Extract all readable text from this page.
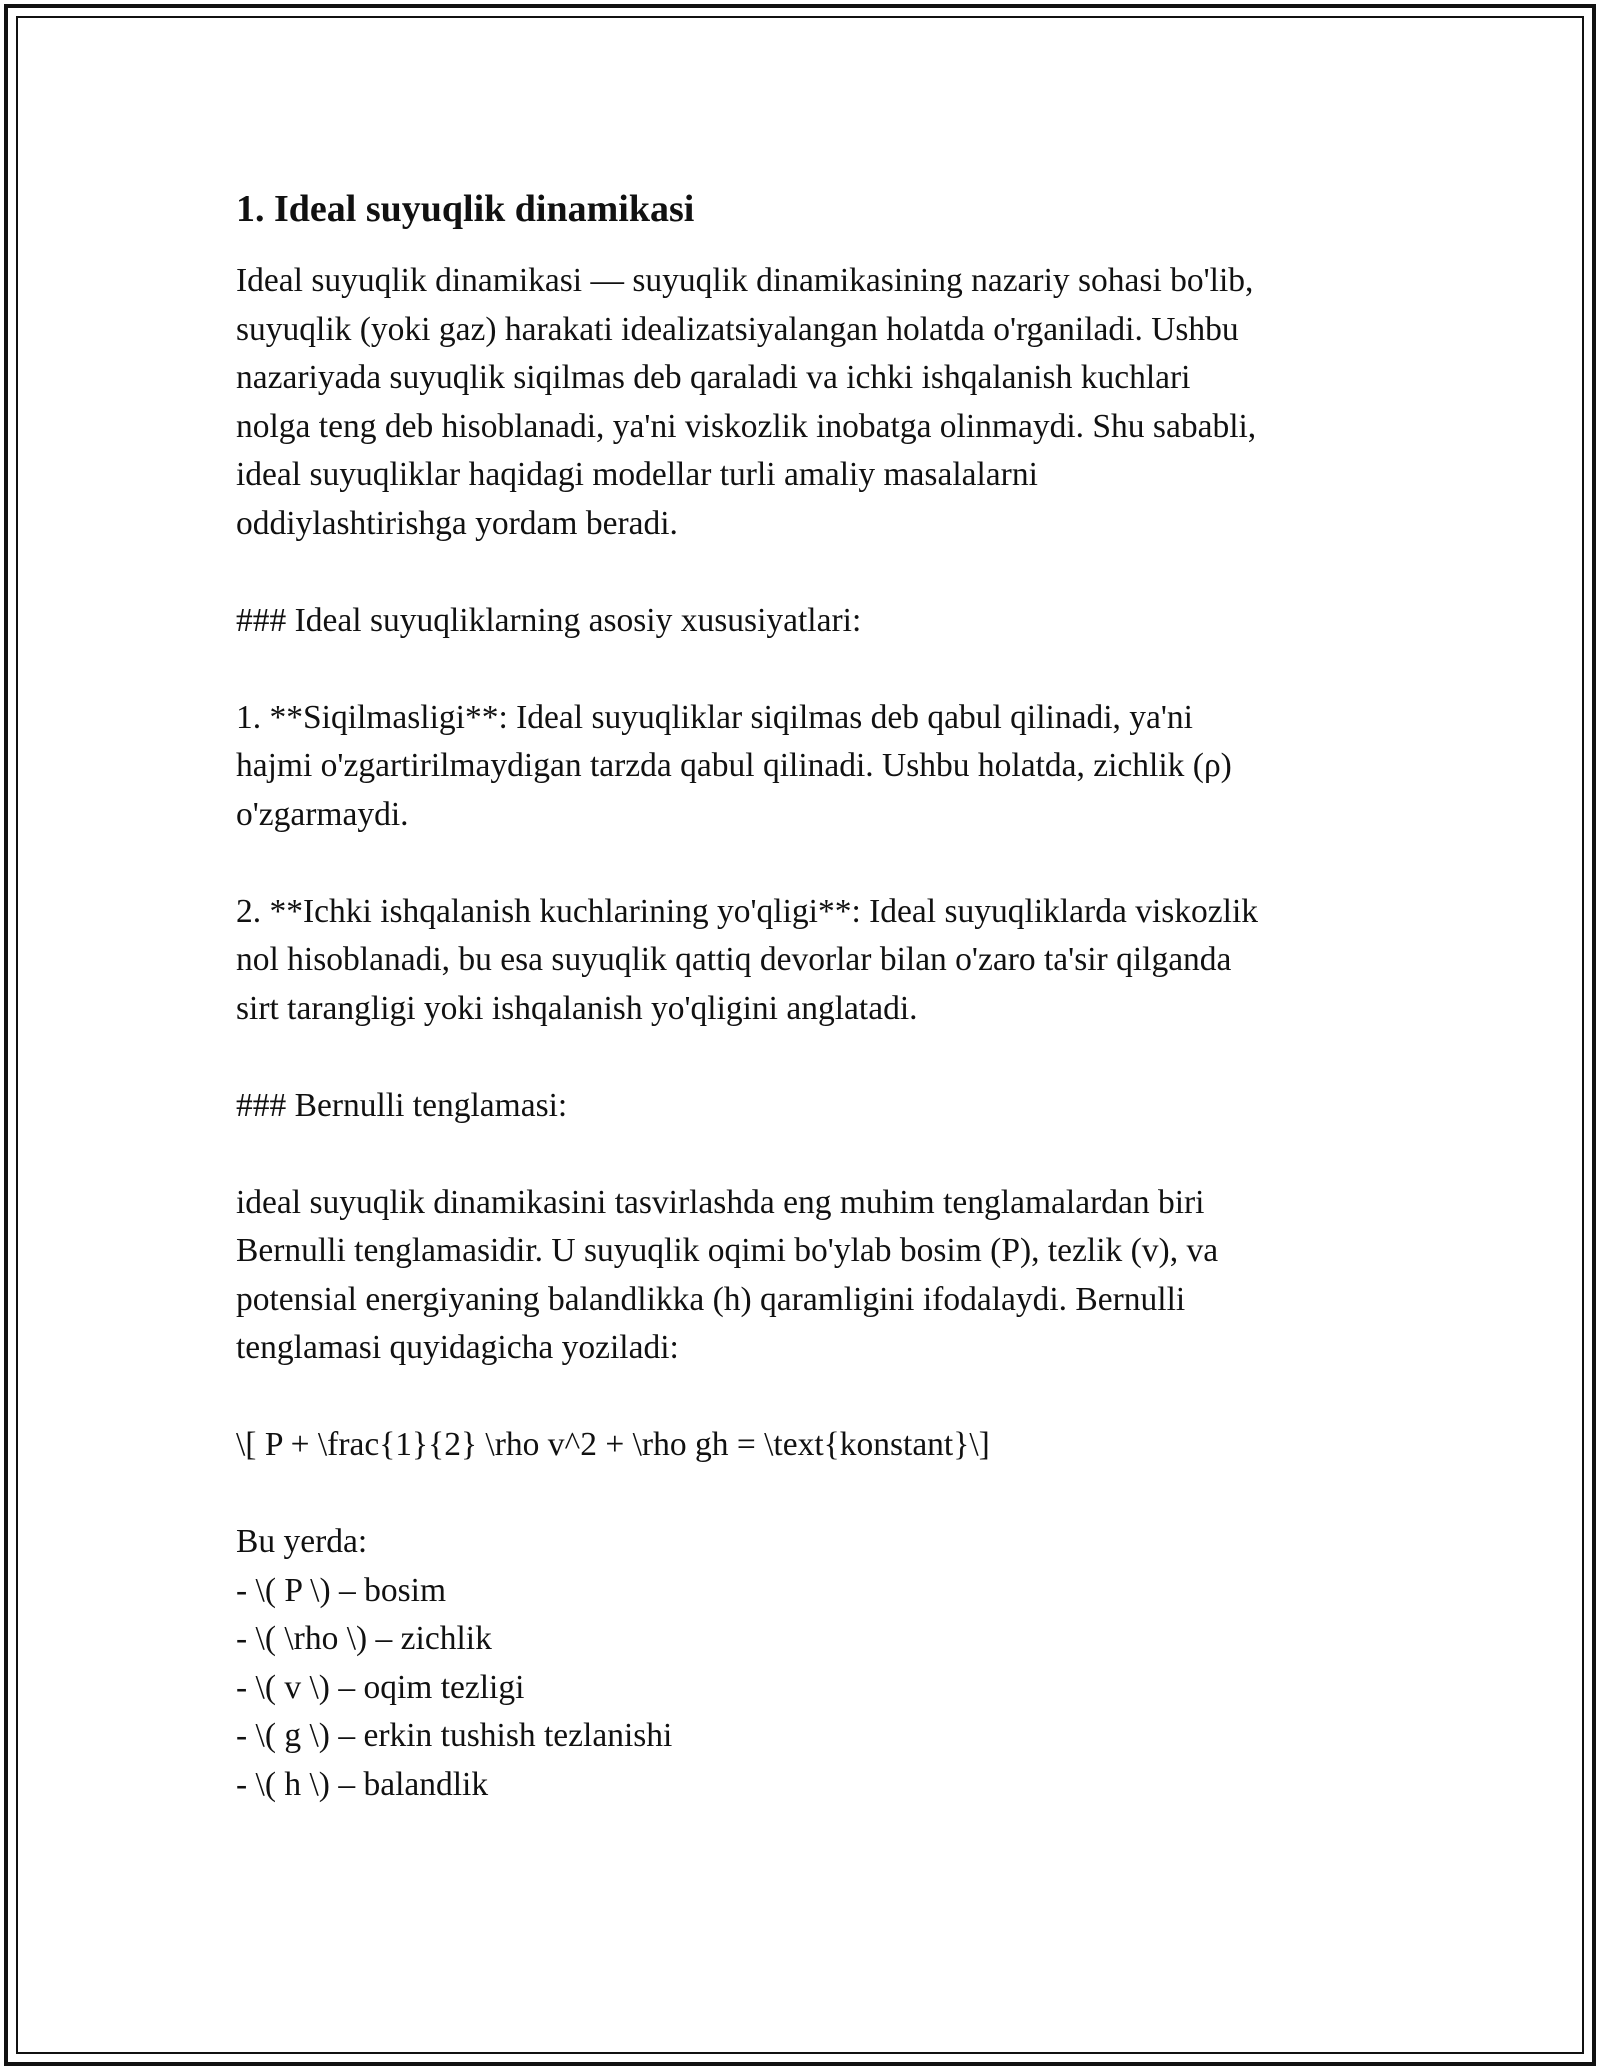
1. Ideal suyuqlik dinamikasi
Ideal suyuqlik dinamikasi — suyuqlik dinamikasining nazariy sohasi bo'lib,
suyuqlik (yoki gaz) harakati idealizatsiyalangan holatda o'rganiladi. Ushbu
nazariyada suyuqlik siqilmas deb qaraladi va ichki ishqalanish kuchlari
nolga teng deb hisoblanadi, ya'ni viskozlik inobatga olinmaydi. Shu sababli,
ideal suyuqliklar haqidagi modellar turli amaliy masalalarni
oddiylashtirishga yordam beradi.
### Ideal suyuqliklarning asosiy xususiyatlari:
1. **Siqilmasligi**: Ideal suyuqliklar siqilmas deb qabul qilinadi, ya'ni
hajmi o'zgartirilmaydigan tarzda qabul qilinadi. Ushbu holatda, zichlik (ρ)
o'zgarmaydi.
2. **Ichki ishqalanish kuchlarining yo'qligi**: Ideal suyuqliklarda viskozlik
nol hisoblanadi, bu esa suyuqlik qattiq devorlar bilan o'zaro ta'sir qilganda
sirt tarangligi yoki ishqalanish yo'qligini anglatadi.
### Bernulli tenglamasi:
ideal suyuqlik dinamikasini tasvirlashda eng muhim tenglamalardan biri
Bernulli tenglamasidir. U suyuqlik oqimi bo'ylab bosim (P), tezlik (v), va
potensial energiyaning balandlikka (h) qaramligini ifodalaydi. Bernulli
tenglamasi quyidagicha yoziladi:
\[ P + \frac{1}{2} \rho v^2 + \rho gh = \text{konstant}\]
Bu yerda:
- \( P \) – bosim
- \( \rho \) – zichlik
- \( v \) – oqim tezligi
- \( g \) – erkin tushish tezlanishi
- \( h \) – balandlik
